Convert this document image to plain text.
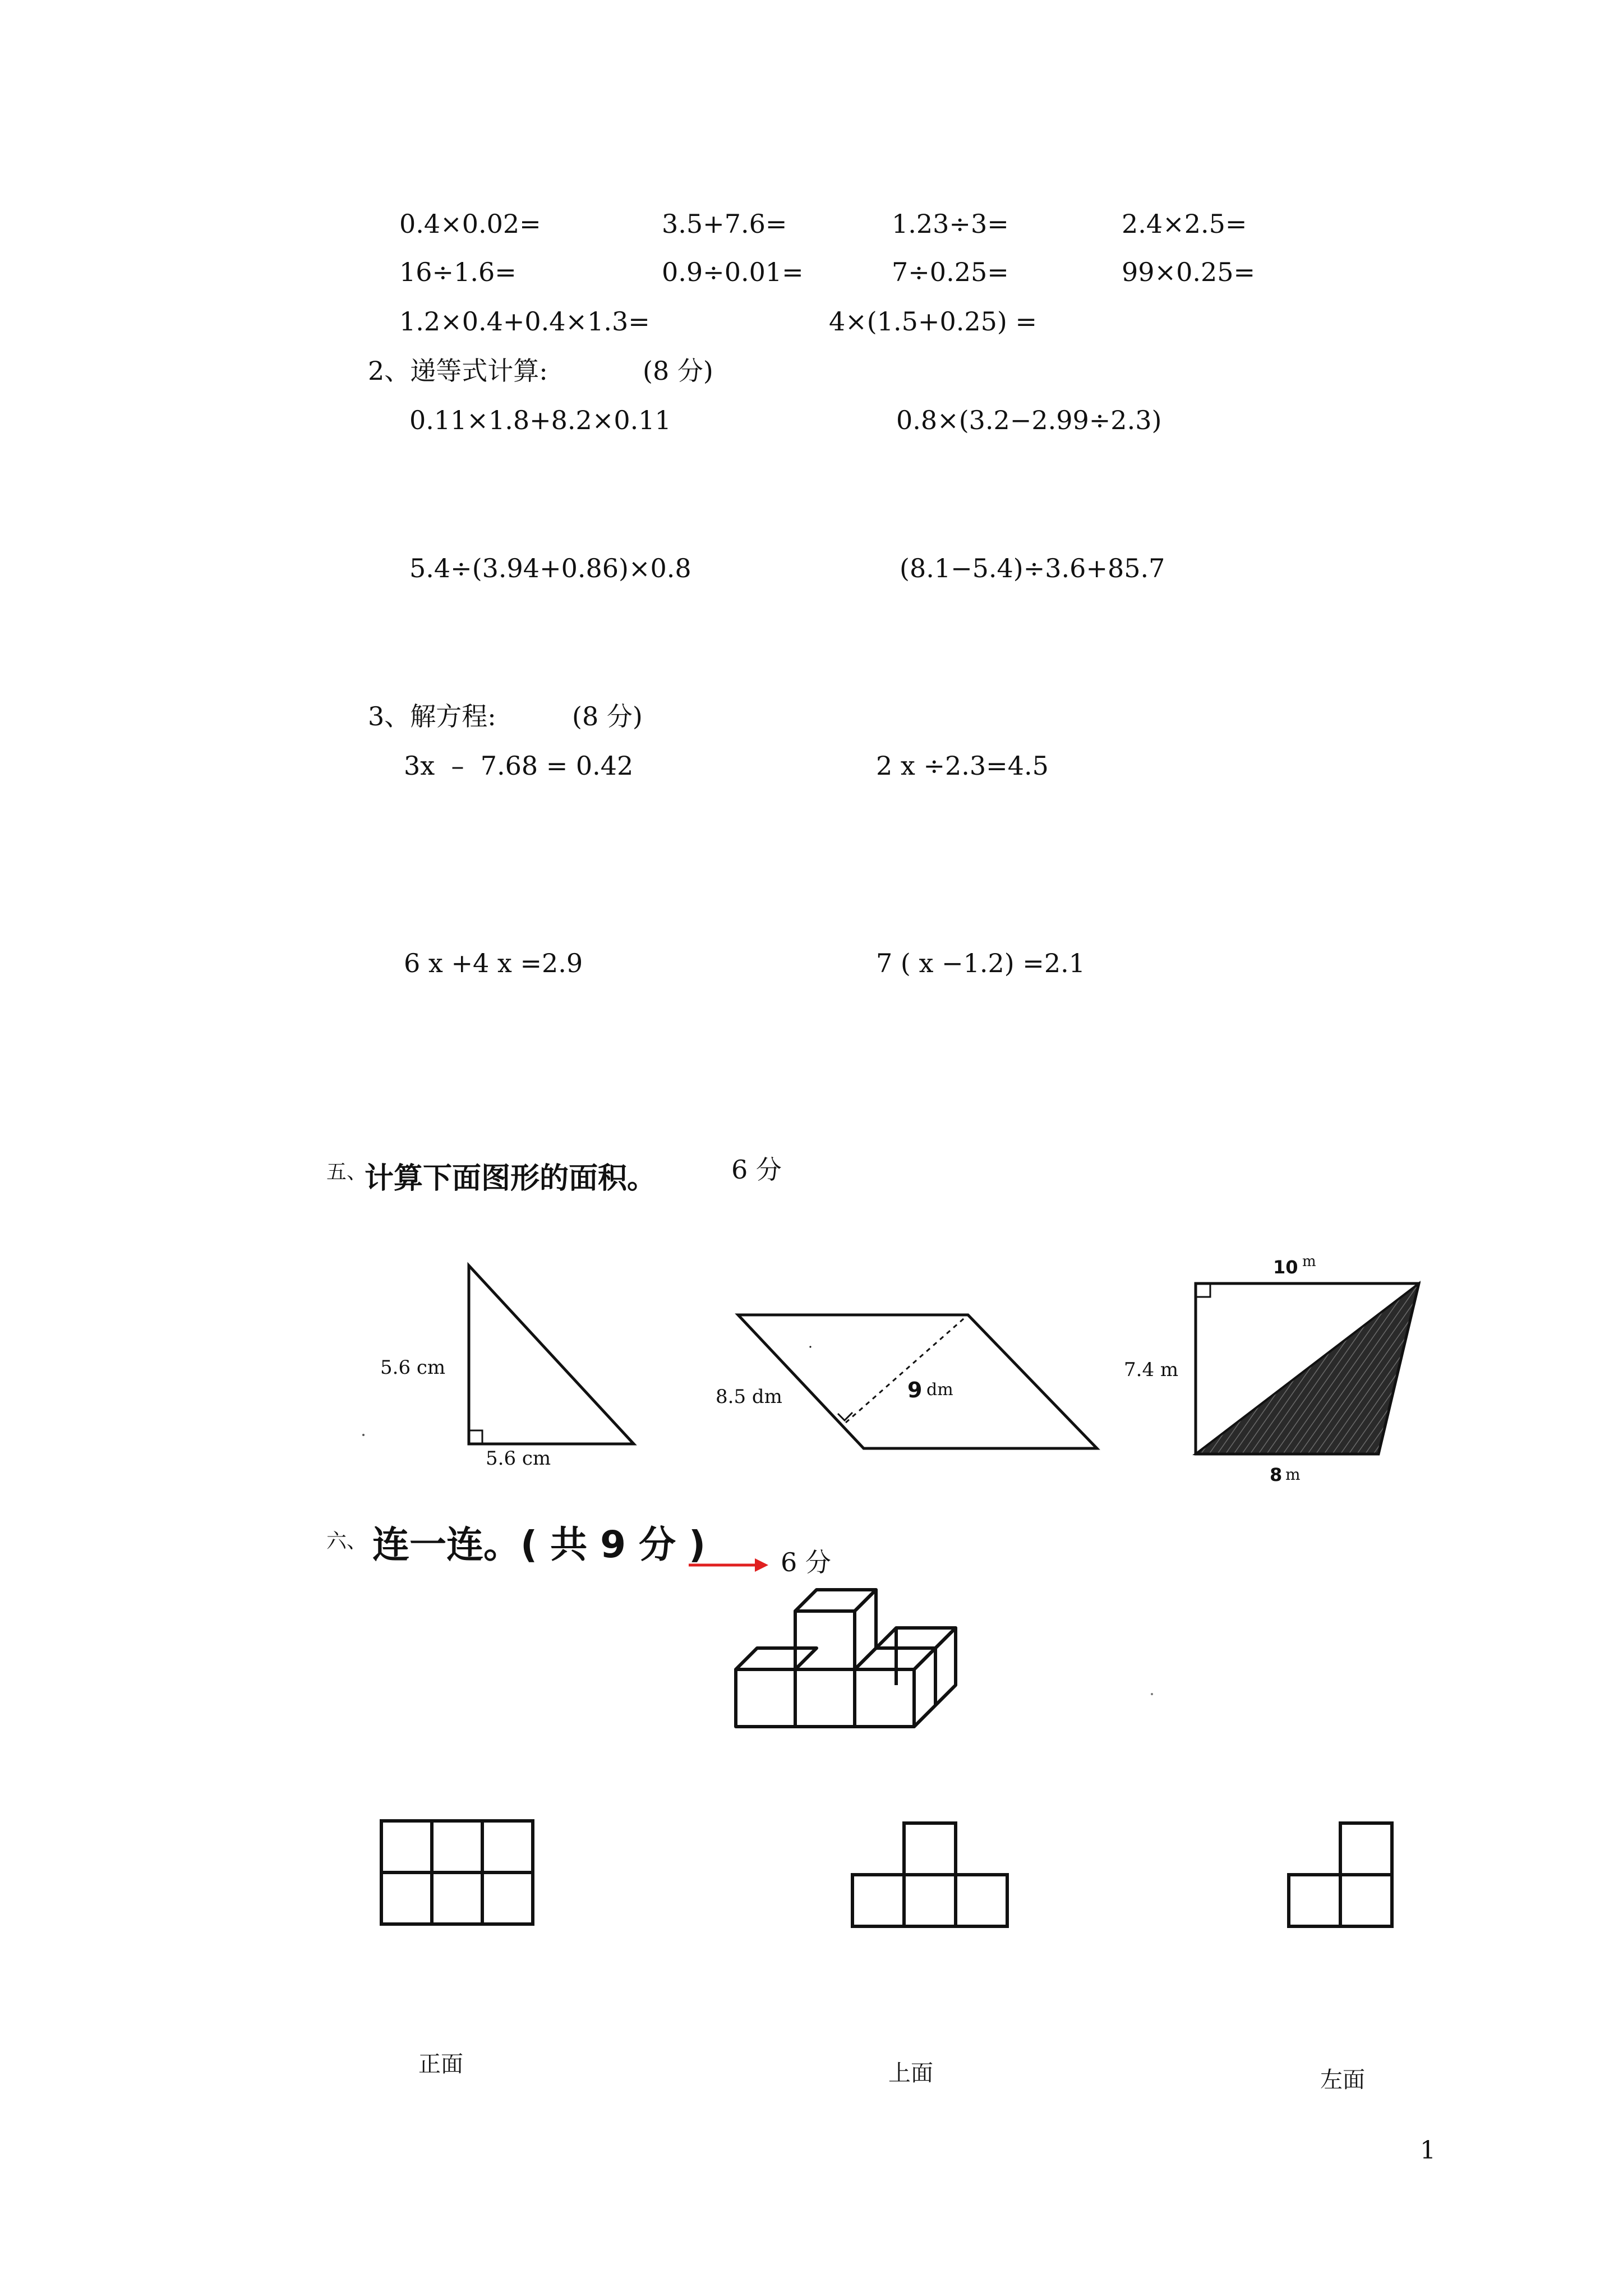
0.4×0.02=	3.5+7.6=	1.23÷3=	2.4×2.5=
16÷1.6=	0.9÷0.01=	7÷0.25=	99×0.25=
1.2×0.4+0.4×1.3=	4×(1.5+0.25) =
2、递等式计算:	(8 分)
0.11×1.8+8.2×0.11	0.8×(3.2−2.99÷2.3)
5.4÷(3.94+0.86)×0.8	(8.1−5.4)÷3.6+85.7
3、解方程:	(8 分)
3x  –  7.68 = 0.42	2 x ÷2.3=4.5
6 x +4 x =2.9	7 ( x −1.2) =2.1
五、
计算下面图形的面积。	6 分
5.6 cm
5.6 cm
8.5 dm	9 dm
10 m
7.4 m
8 m
六、 连一连。( 共 9 分 )	6 分
正面	上面	左面
1
